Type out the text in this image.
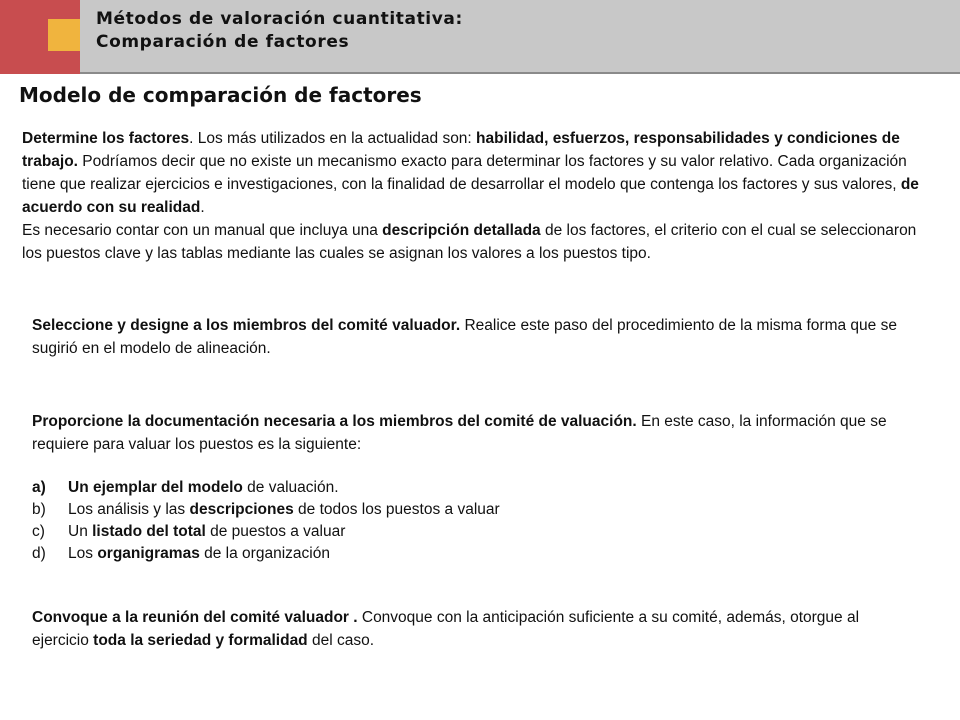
Métodos de valoración cuantitativa:
Comparación de factores
Modelo de comparación de factores
Determine los factores. Los más utilizados en la actualidad son: habilidad, esfuerzos, responsabilidades y condiciones de trabajo. Podríamos decir que no existe un mecanismo exacto para determinar los factores y su valor relativo. Cada organización tiene que realizar ejercicios e investigaciones, con la finalidad de desarrollar el modelo que contenga los factores y sus valores, de acuerdo con su realidad.
Es necesario contar con un manual que incluya una descripción detallada de los factores, el criterio con el cual se seleccionaron los puestos clave y las tablas mediante las cuales se asignan los valores a los puestos tipo.
Seleccione y designe a los miembros del comité valuador. Realice este paso del procedimiento de la misma forma que se sugirió en el modelo de alineación.
Proporcione la documentación necesaria a los miembros del comité de valuación. En este caso, la información que se requiere para valuar los puestos es la siguiente:
a)	Un ejemplar del modelo de valuación.
b)	Los análisis y las descripciones de todos los puestos a valuar
c)	Un listado del total de puestos a valuar
d)	Los organigramas de la organización
Convoque a la reunión del comité valuador . Convoque con la anticipación suficiente a su comité, además, otorgue al ejercicio toda la seriedad y formalidad del caso.
